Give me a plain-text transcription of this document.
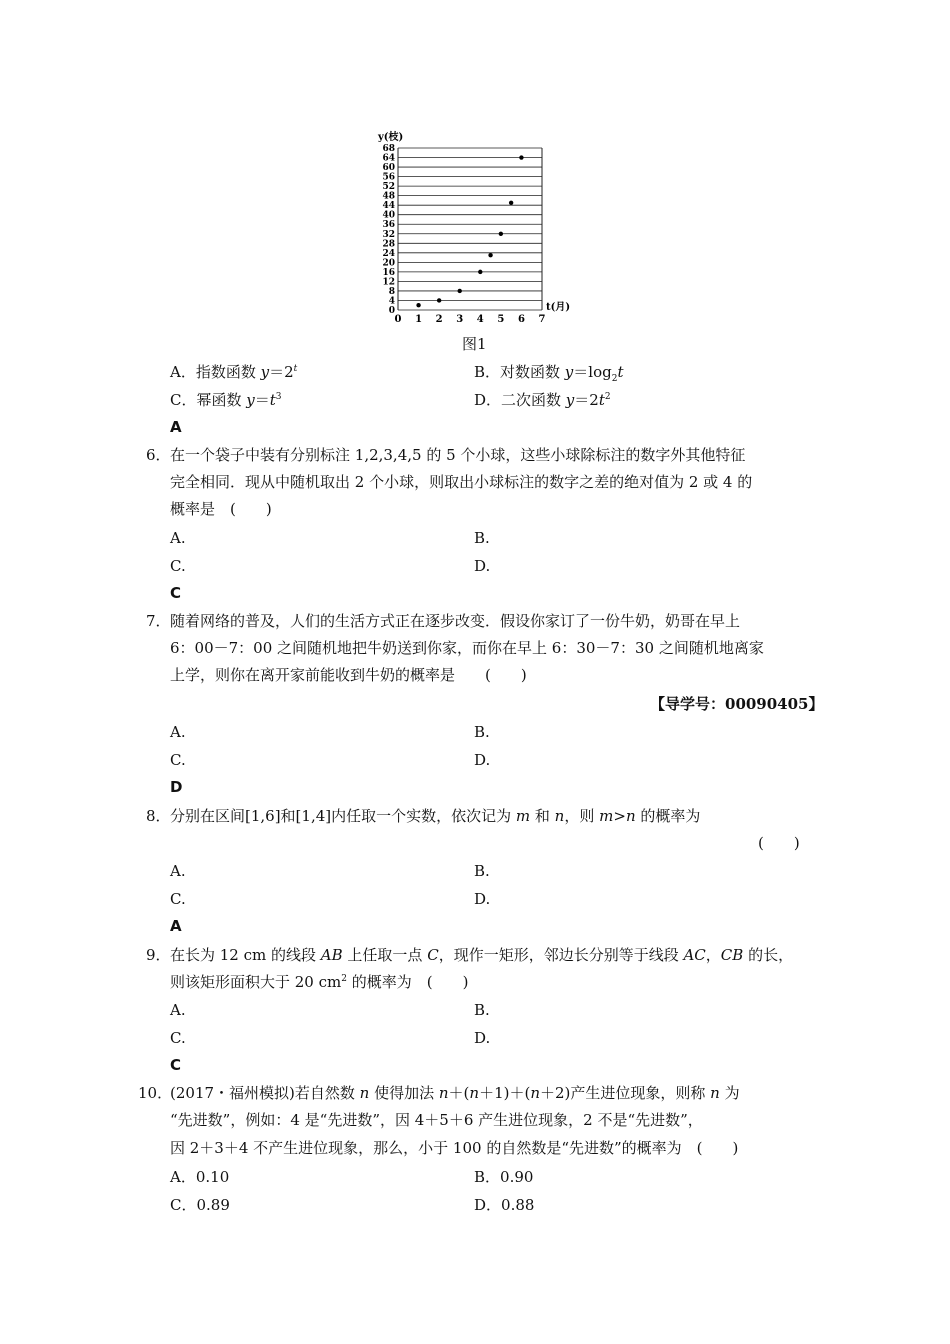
0
4
8
12
16
20
24
28
32
36
40
44
48
52
56
60
64
68
0 1 2 3 4 5 6 7
y(枝)
t(月)
图1
A．指数函数 $y=2^t$	B．对数函数 $y=\log_2t$
C．幂函数 $y=t^3$	D．二次函数 $y=2t^2$
A
6． 在一个袋子中装有分别标注 1,2,3,4,5 的 5 个小球，这些小球除标注的数字外其他特征
完全相同．现从中随机取出 2 个小球，则取出小球标注的数字之差的绝对值为 2 或 4 的
概率是　(　　)
A.	B.
C.	D.
C
7． 随着网络的普及，人们的生活方式正在逐步改变．假设你家订了一份牛奶，奶哥在早上
6：00－7：00 之间随机地把牛奶送到你家，而你在早上 6：30－7：30 之间随机地离家
上学，则你在离开家前能收到牛奶的概率是　　(　　)
【导学号：00090405】
A.	B.
C.	D.
D
8． 分别在区间[1,6]和[1,4]内任取一个实数，依次记为 m 和 n，则 m>n 的概率为
(　　)
A.	B.
C.	D.
A
9． 在长为 12 cm 的线段 AB 上任取一点 C，现作一矩形，邻边长分别等于线段 AC，CB 的长，
则该矩形面积大于 20 $cm^2$ 的概率为　(　　)
A.	B.
C.	D.
C
10．
(2017・福州模拟)若自然数 n 使得加法 n＋(n＋1)＋(n＋2)产生进位现象，则称 n 为
“先进数”，例如：4 是“先进数”，因 4＋5＋6 产生进位现象，2 不是“先进数”，
因 2＋3＋4 不产生进位现象，那么，小于 100 的自然数是“先进数”的概率为　(　　)
A．0.10	B．0.90
C．0.89	D．0.88
